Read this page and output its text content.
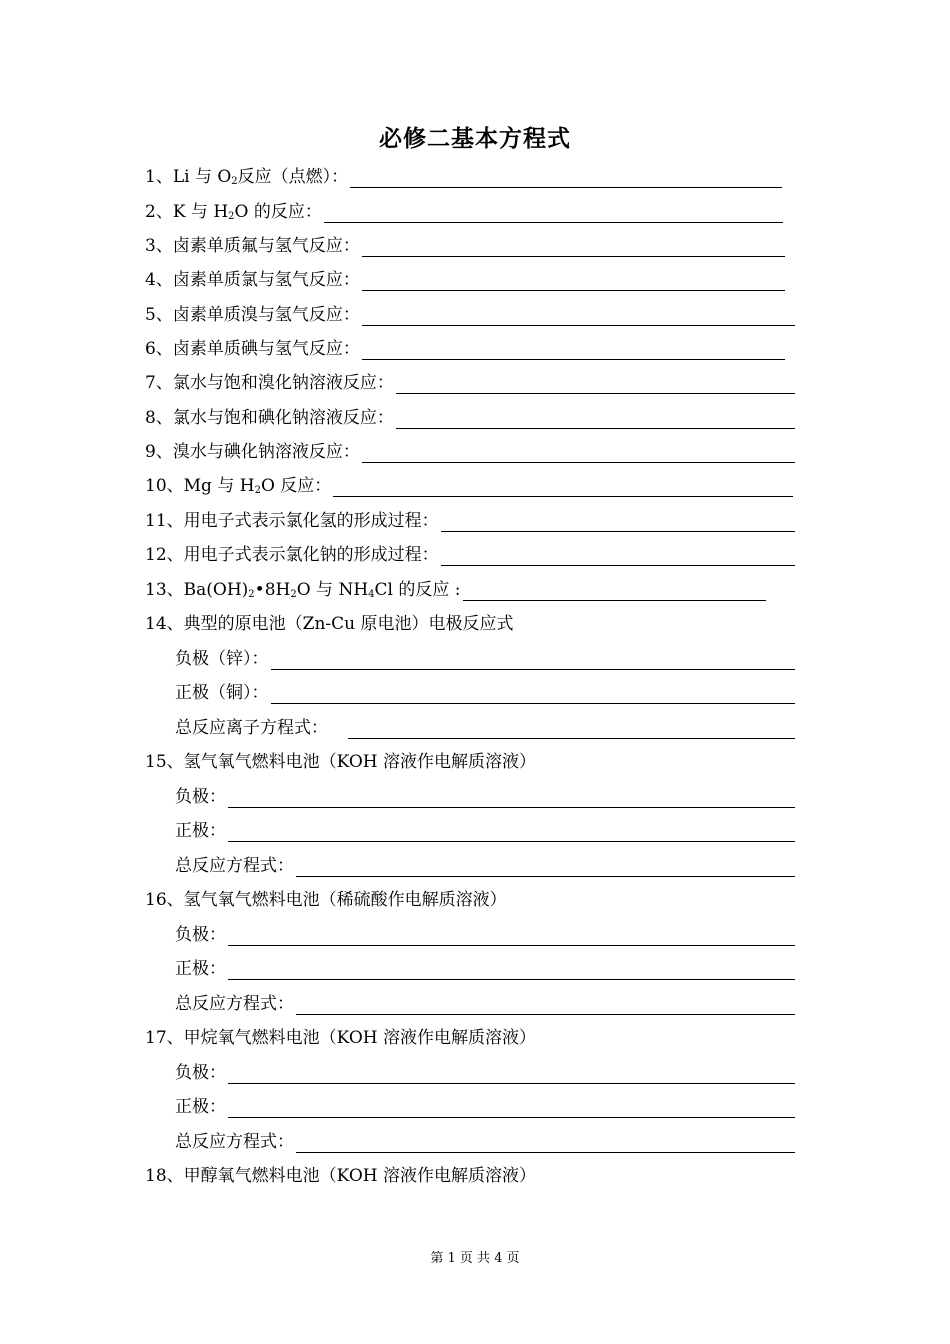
必修二基本方程式
1、Li 与 $O_2$反应（点燃）：
2、K 与 $H_2O$ 的反应：
3、卤素单质氟与氢气反应：
4、卤素单质氯与氢气反应：
5、卤素单质溴与氢气反应：
6、卤素单质碘与氢气反应：
7、氯水与饱和溴化钠溶液反应：
8、氯水与饱和碘化钠溶液反应：
9、溴水与碘化钠溶液反应：
10、Mg 与 $H_2O$ 反应：
11、用电子式表示氯化氢的形成过程：
12、用电子式表示氯化钠的形成过程：
13、$Ba(OH)_2•8H_2O$ 与 $NH_4Cl$ 的反应 :
14、典型的原电池（Zn-Cu 原电池）电极反应式
负极（锌）：
正极（铜）：
总反应离子方程式：
15、氢气氧气燃料电池（KOH 溶液作电解质溶液）
负极：
正极：
总反应方程式：
16、氢气氧气燃料电池（稀硫酸作电解质溶液）
负极：
正极：
总反应方程式：
17、甲烷氧气燃料电池（KOH 溶液作电解质溶液）
负极：
正极：
总反应方程式：
18、甲醇氧气燃料电池（KOH 溶液作电解质溶液）
第 1 页 共 4 页
